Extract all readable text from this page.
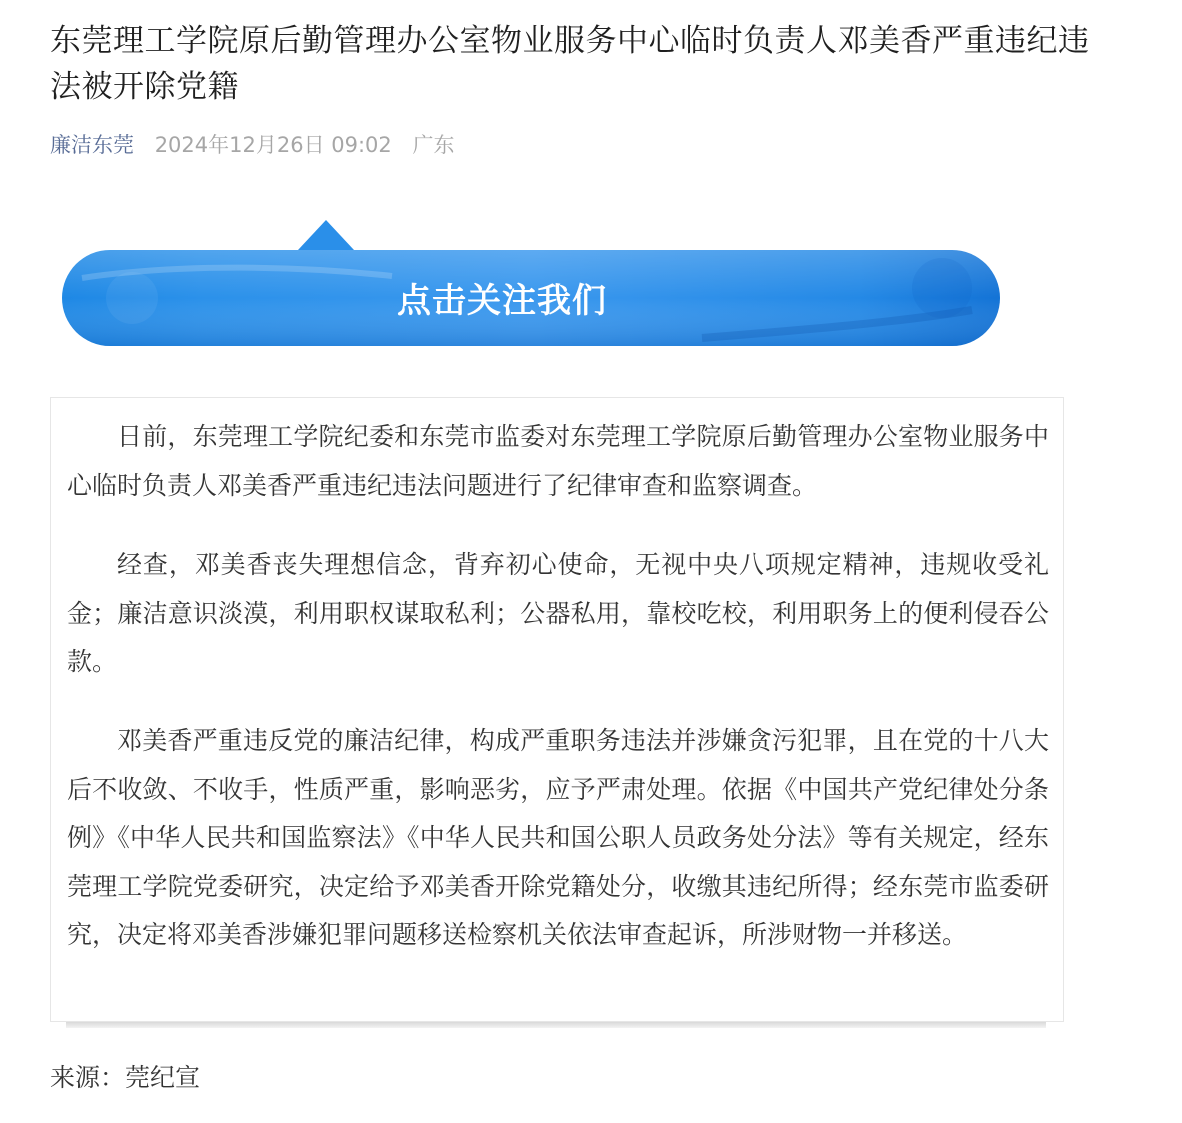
东莞理工学院原后勤管理办公室物业服务中心临时负责人邓美香严重违纪违法被开除党籍
廉洁东莞 2024年12月26日 09:02 广东
点击关注我们

日前，东莞理工学院纪委和东莞市监委对东莞理工学院原后勤管理办公室物业服务中心临时负责人邓美香严重违纪违法问题进行了纪律审查和监察调查。

经查，邓美香丧失理想信念，背弃初心使命，无视中央八项规定精神，违规收受礼金；廉洁意识淡漠，利用职权谋取私利；公器私用，靠校吃校，利用职务上的便利侵吞公款。

邓美香严重违反党的廉洁纪律，构成严重职务违法并涉嫌贪污犯罪，且在党的十八大后不收敛、不收手，性质严重，影响恶劣，应予严肃处理。依据《中国共产党纪律处分条例》《中华人民共和国监察法》《中华人民共和国公职人员政务处分法》等有关规定，经东莞理工学院党委研究，决定给予邓美香开除党籍处分，收缴其违纪所得；经东莞市监委研究，决定将邓美香涉嫌犯罪问题移送检察机关依法审查起诉，所涉财物一并移送。

来源：莞纪宣
